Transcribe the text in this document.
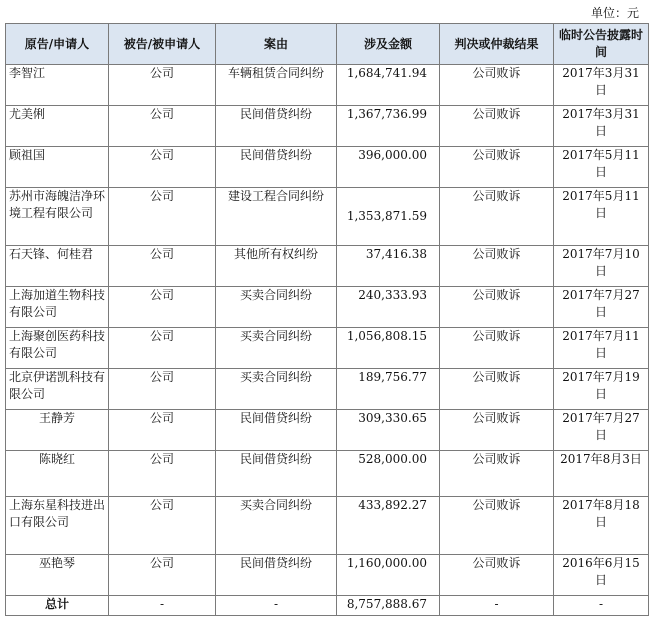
单位：元
原告/申请人	被告/被申请人	案由	涉及金额	判决或仲裁结果	临时公告披露时间
李智江	公司	车辆租赁合同纠纷	1,684,741.94	公司败诉	2017年3月31日
尤美俐	公司	民间借贷纠纷	1,367,736.99	公司败诉	2017年3月31日
顾祖国	公司	民间借贷纠纷	396,000.00	公司败诉	2017年5月11日
苏州市海魄洁净环境工程有限公司	公司	建设工程合同纠纷	1,353,871.59	公司败诉	2017年5月11日
石天锋、何桂君	公司	其他所有权纠纷	37,416.38	公司败诉	2017年7月10日
上海加道生物科技有限公司	公司	买卖合同纠纷	240,333.93	公司败诉	2017年7月27日
上海聚创医药科技有限公司	公司	买卖合同纠纷	1,056,808.15	公司败诉	2017年7月11日
北京伊诺凯科技有限公司	公司	买卖合同纠纷	189,756.77	公司败诉	2017年7月19日
王静芳	公司	民间借贷纠纷	309,330.65	公司败诉	2017年7月27日
陈晓红	公司	民间借贷纠纷	528,000.00	公司败诉	2017年8月3日
上海东星科技进出口有限公司	公司	买卖合同纠纷	433,892.27	公司败诉	2017年8月18日
巫艳琴	公司	民间借贷纠纷	1,160,000.00	公司败诉	2016年6月15日
总计	-	-	8,757,888.67	-	-
